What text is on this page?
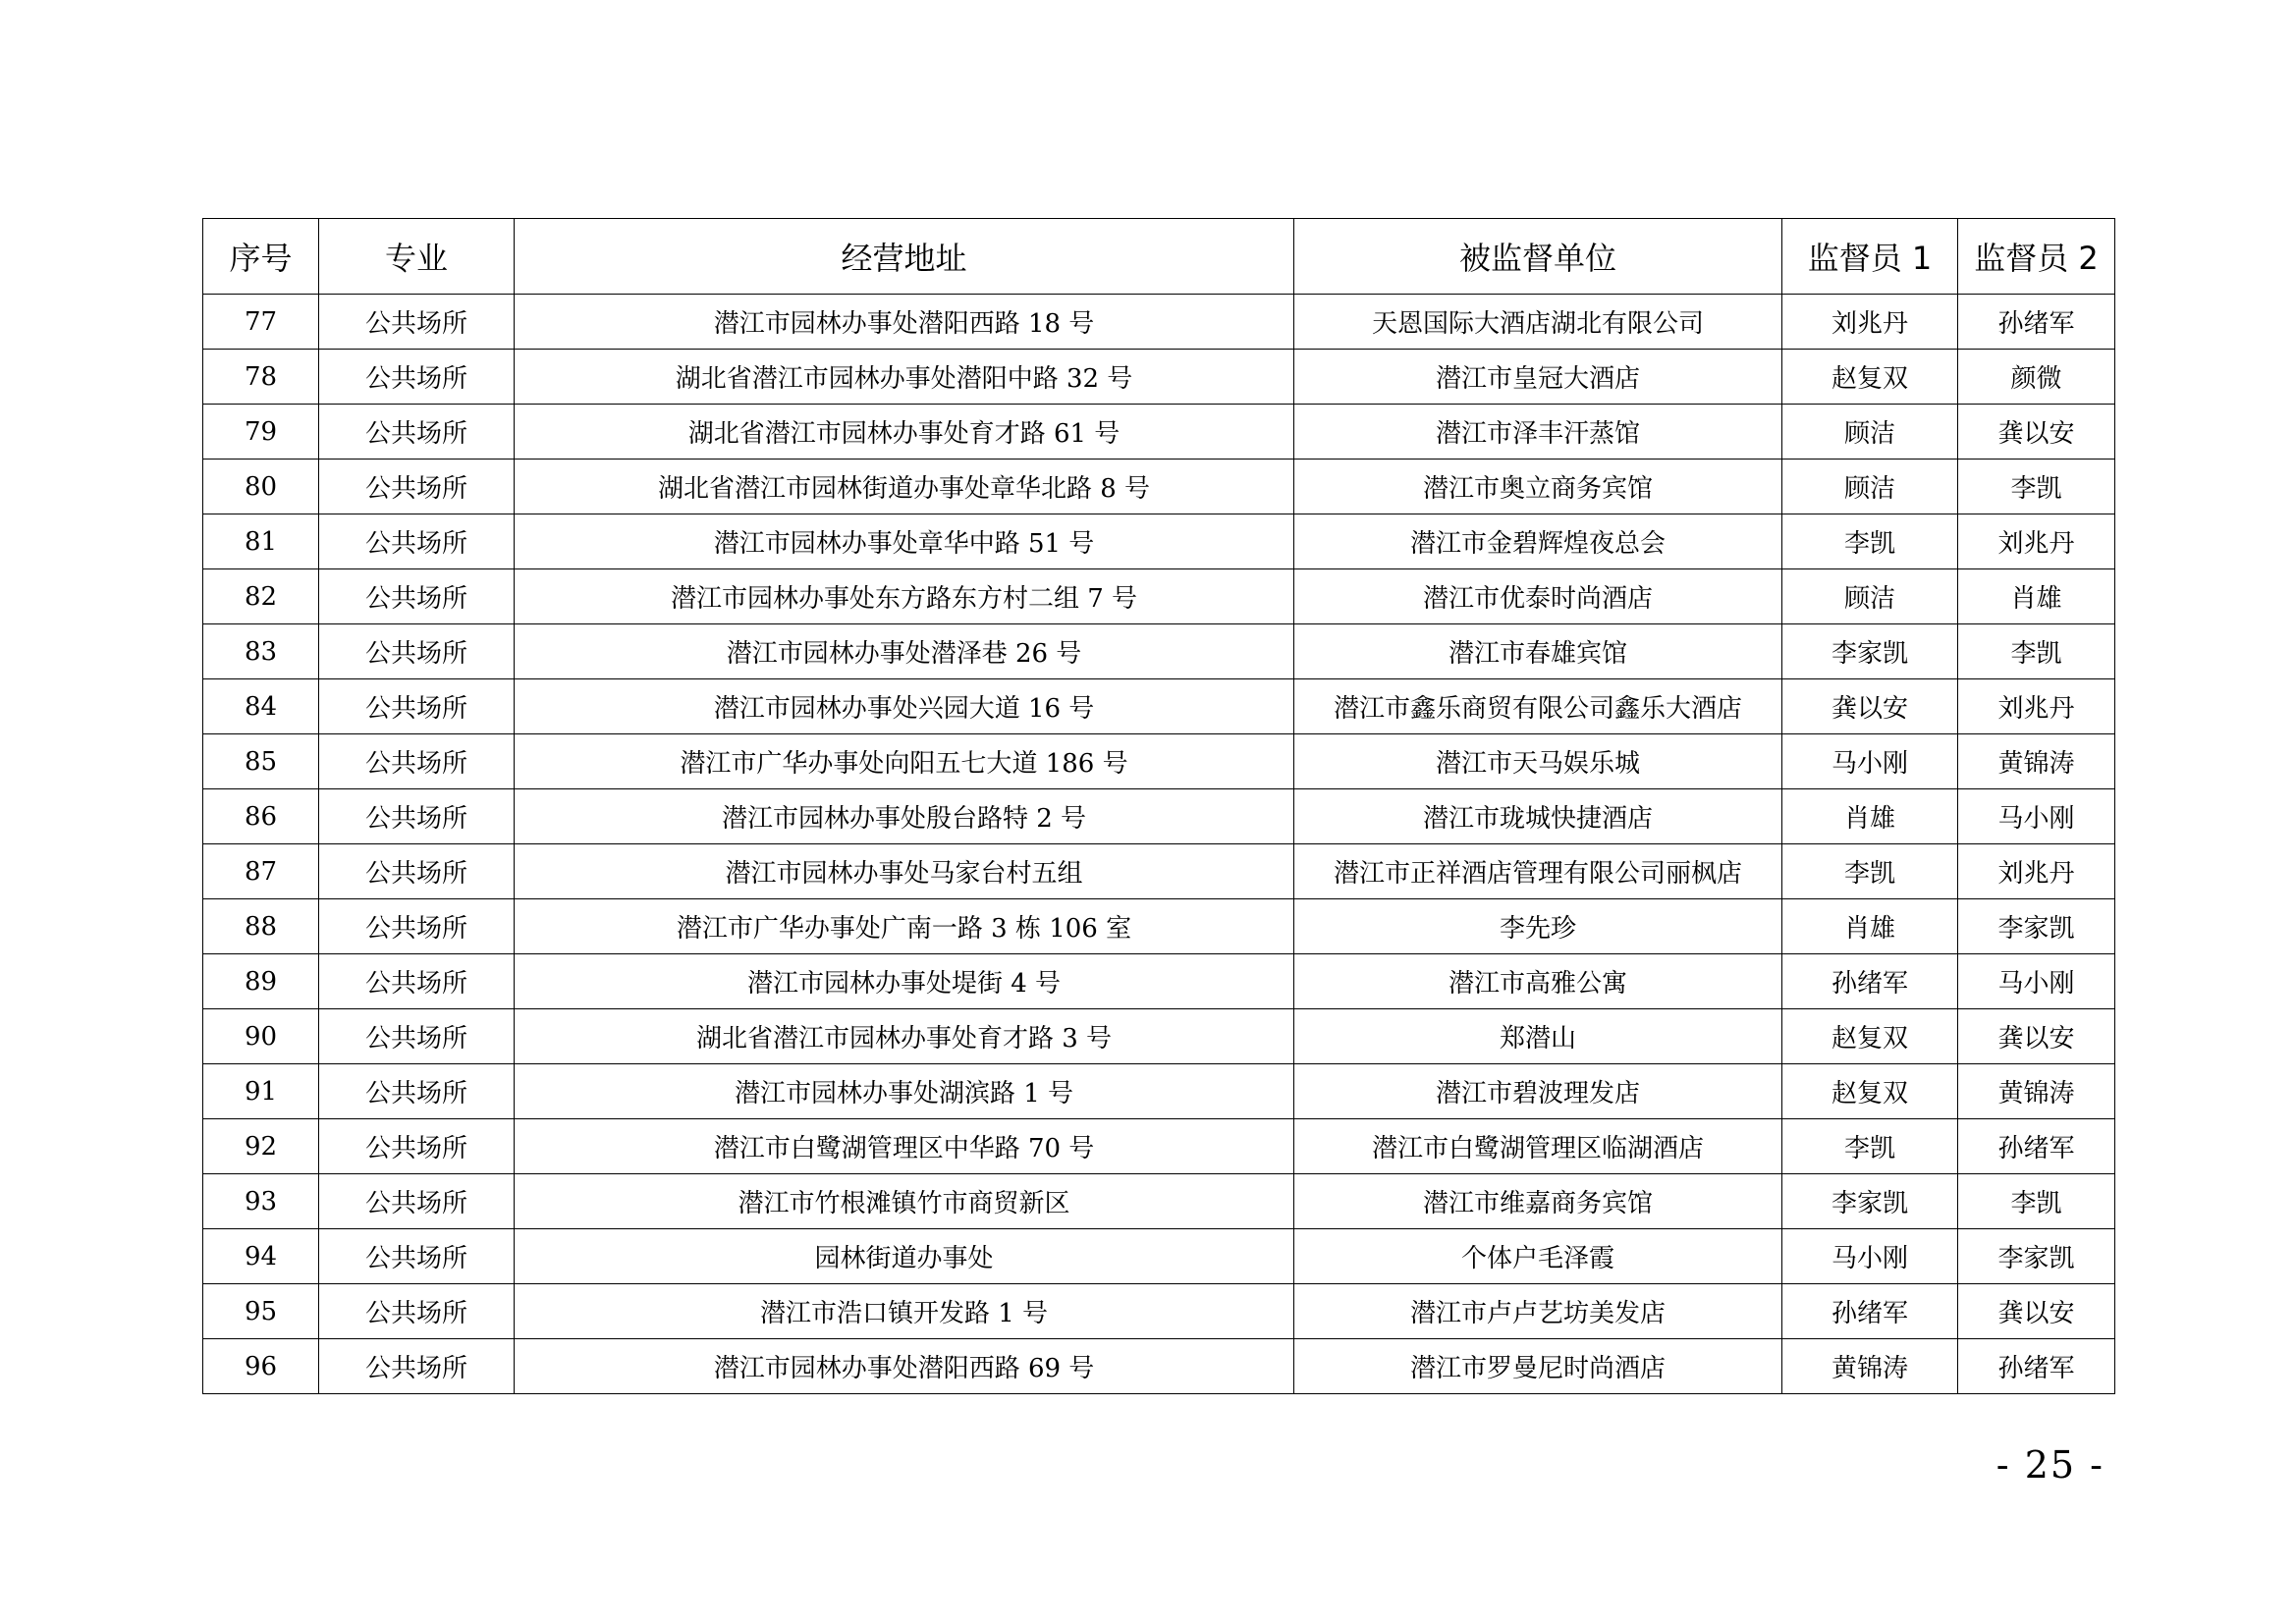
序号	专业	经营地址	被监督单位	监督员 1	监督员 2
77	公共场所	潜江市园林办事处潜阳西路 18 号	天恩国际大酒店湖北有限公司	刘兆丹	孙绪军
78	公共场所	湖北省潜江市园林办事处潜阳中路 32 号	潜江市皇冠大酒店	赵复双	颜微
79	公共场所	湖北省潜江市园林办事处育才路 61 号	潜江市泽丰汗蒸馆	顾洁	龚以安
80	公共场所	湖北省潜江市园林街道办事处章华北路 8 号	潜江市奥立商务宾馆	顾洁	李凯
81	公共场所	潜江市园林办事处章华中路 51 号	潜江市金碧辉煌夜总会	李凯	刘兆丹
82	公共场所	潜江市园林办事处东方路东方村二组 7 号	潜江市优泰时尚酒店	顾洁	肖雄
83	公共场所	潜江市园林办事处潜泽巷 26 号	潜江市春雄宾馆	李家凯	李凯
84	公共场所	潜江市园林办事处兴园大道 16 号	潜江市鑫乐商贸有限公司鑫乐大酒店	龚以安	刘兆丹
85	公共场所	潜江市广华办事处向阳五七大道 186 号	潜江市天马娱乐城	马小刚	黄锦涛
86	公共场所	潜江市园林办事处殷台路特 2 号	潜江市珑城快捷酒店	肖雄	马小刚
87	公共场所	潜江市园林办事处马家台村五组	潜江市正祥酒店管理有限公司丽枫店	李凯	刘兆丹
88	公共场所	潜江市广华办事处广南一路 3 栋 106 室	李先珍	肖雄	李家凯
89	公共场所	潜江市园林办事处堤街 4 号	潜江市高雅公寓	孙绪军	马小刚
90	公共场所	湖北省潜江市园林办事处育才路 3 号	郑潜山	赵复双	龚以安
91	公共场所	潜江市园林办事处湖滨路 1 号	潜江市碧波理发店	赵复双	黄锦涛
92	公共场所	潜江市白鹭湖管理区中华路 70 号	潜江市白鹭湖管理区临湖酒店	李凯	孙绪军
93	公共场所	潜江市竹根滩镇竹市商贸新区	潜江市维嘉商务宾馆	李家凯	李凯
94	公共场所	园林街道办事处	个体户毛泽霞	马小刚	李家凯
95	公共场所	潜江市浩口镇开发路 1 号	潜江市卢卢艺坊美发店	孙绪军	龚以安
96	公共场所	潜江市园林办事处潜阳西路 69 号	潜江市罗曼尼时尚酒店	黄锦涛	孙绪军
- 25 -
